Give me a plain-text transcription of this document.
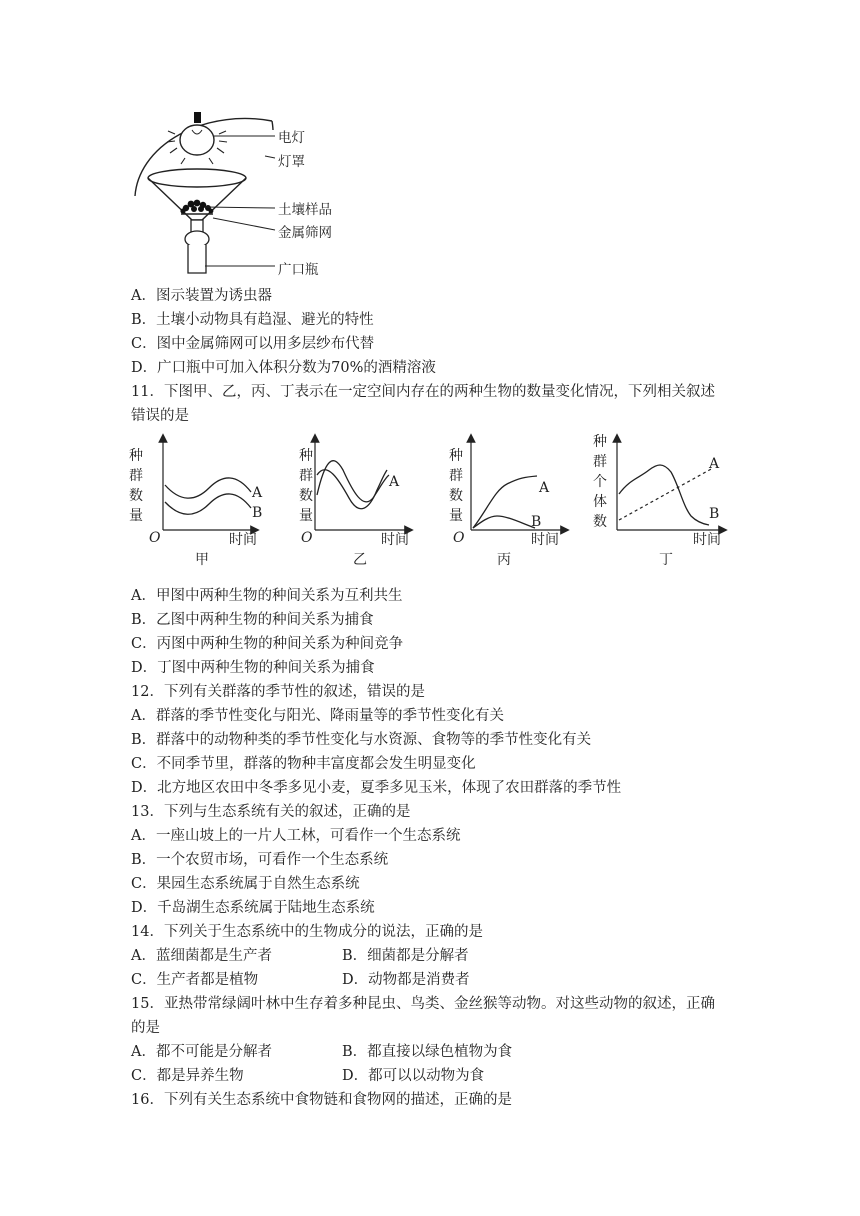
电灯
灯罩
土壤样品
金属筛网
广口瓶
A．图示装置为诱虫器
B．土壤小动物具有趋湿、避光的特性
C．图中金属筛网可以用多层纱布代替
D．广口瓶中可加入体积分数为70%的酒精溶液
11．下图甲、乙，丙、丁表示在一定空间内存在的两种生物的数量变化情况，下列相关叙述
错误的是
种
群
数
量
O	时间
A
B
甲
种
群
数
量
O	时间
A
乙
种
群
数
量
O	时间
A
B
丙
种
群
个
体
数
时间
A
B
丁
A．甲图中两种生物的种间关系为互利共生
B．乙图中两种生物的种间关系为捕食
C．丙图中两种生物的种间关系为种间竞争
D．丁图中两种生物的种间关系为捕食
12．下列有关群落的季节性的叙述，错误的是
A．群落的季节性变化与阳光、降雨量等的季节性变化有关
B．群落中的动物种类的季节性变化与水资源、食物等的季节性变化有关
C．不同季节里，群落的物种丰富度都会发生明显变化
D．北方地区农田中冬季多见小麦，夏季多见玉米，体现了农田群落的季节性
13．下列与生态系统有关的叙述，正确的是
A．一座山坡上的一片人工林，可看作一个生态系统
B．一个农贸市场，可看作一个生态系统
C．果园生态系统属于自然生态系统
D．千岛湖生态系统属于陆地生态系统
14．下列关于生态系统中的生物成分的说法，正确的是
A．蓝细菌都是生产者	B．细菌都是分解者
C．生产者都是植物	D．动物都是消费者
15．亚热带常绿阔叶林中生存着多种昆虫、鸟类、金丝猴等动物。对这些动物的叙述，正确
的是
A．都不可能是分解者	B．都直接以绿色植物为食
C．都是异养生物	D．都可以以动物为食
16．下列有关生态系统中食物链和食物网的描述，正确的是
